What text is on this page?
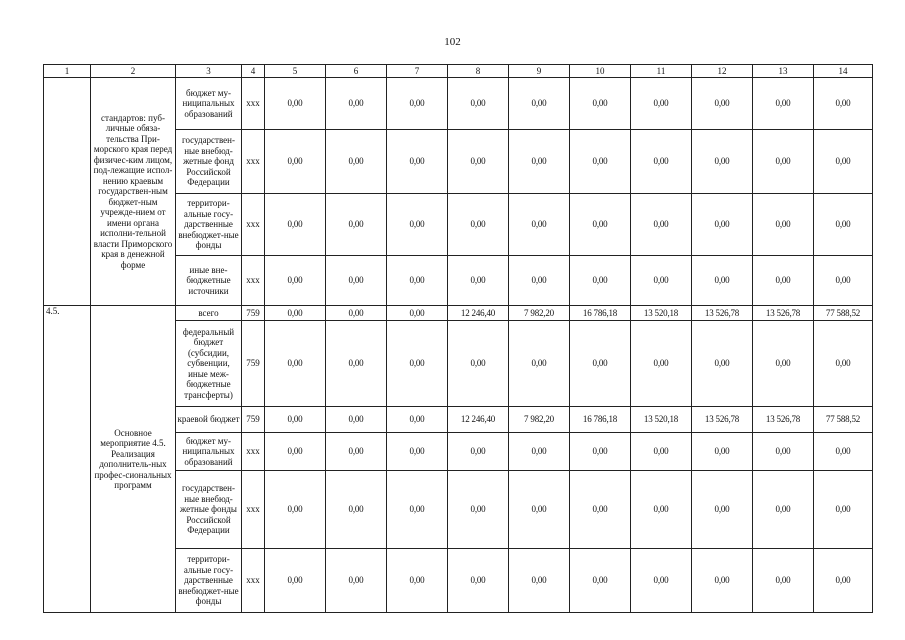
102
1	2	3	4	5	6	7	8	9	10	11	12	13	14
	стандартов: пуб-личные обяза-тельства При-морского края перед физичес-ким лицом, под-лежащие испол-нению краевым государствен-ным бюджет-ным учрежде-нием от имени органа исполни-тельной власти Приморского края в денежной форме	бюджет му-ниципальных образований	ххх	0,00	0,00	0,00	0,00	0,00	0,00	0,00	0,00	0,00	0,00
		государствен-ные внебюд-жетные фонд Российской Федерации	ххх	0,00	0,00	0,00	0,00	0,00	0,00	0,00	0,00	0,00	0,00
		территори-альные госу-дарственные внебюджет-ные фонды	ххх	0,00	0,00	0,00	0,00	0,00	0,00	0,00	0,00	0,00	0,00
		иные вне-бюджетные источники	ххх	0,00	0,00	0,00	0,00	0,00	0,00	0,00	0,00	0,00	0,00
4.5.	Основное мероприятие 4.5. Реализация дополнитель-ных профес-сиональных программ	всего	759	0,00	0,00	0,00	12 246,40	7 982,20	16 786,18	13 520,18	13 526,78	13 526,78	77 588,52
		федеральный бюджет (субсидии, субвенции, иные меж-бюджетные трансферты)	759	0,00	0,00	0,00	0,00	0,00	0,00	0,00	0,00	0,00	0,00
		краевой бюджет	759	0,00	0,00	0,00	12 246,40	7 982,20	16 786,18	13 520,18	13 526,78	13 526,78	77 588,52
		бюджет му-ниципальных образований	ххх	0,00	0,00	0,00	0,00	0,00	0,00	0,00	0,00	0,00	0,00
		государствен-ные внебюд-жетные фонды Российской Федерации	ххх	0,00	0,00	0,00	0,00	0,00	0,00	0,00	0,00	0,00	0,00
		территори-альные госу-дарственные внебюджет-ные фонды	ххх	0,00	0,00	0,00	0,00	0,00	0,00	0,00	0,00	0,00	0,00
